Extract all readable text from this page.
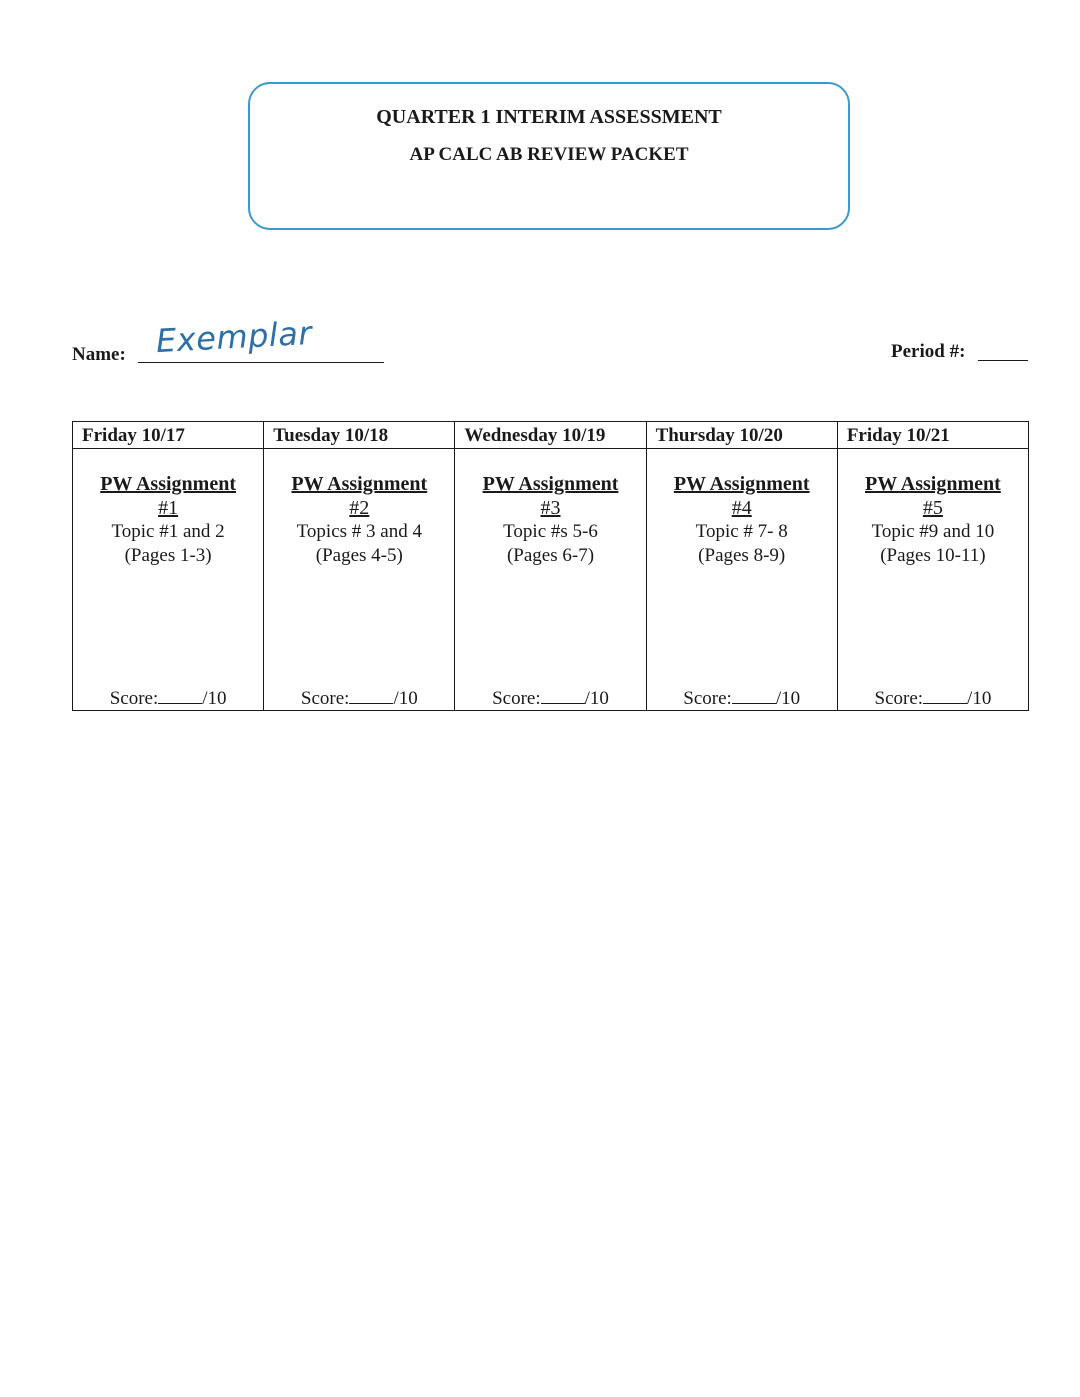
QUARTER 1 INTERIM ASSESSMENT
AP CALC AB REVIEW PACKET
Name: Exemplar	Period #:
Friday 10/17
PW Assignment
#1
Topic #1 and 2
(Pages 1-3)
Score: /10
Tuesday 10/18
PW Assignment
#2
Topics # 3 and 4
(Pages 4-5)
Score: /10
Wednesday 10/19
PW Assignment
#3
Topic #s 5-6
(Pages 6-7)
Score: /10
Thursday 10/20
PW Assignment
#4
Topic # 7- 8
(Pages 8-9)
Score: /10
Friday 10/21
PW Assignment
#5
Topic #9 and 10
(Pages 10-11)
Score: /10
